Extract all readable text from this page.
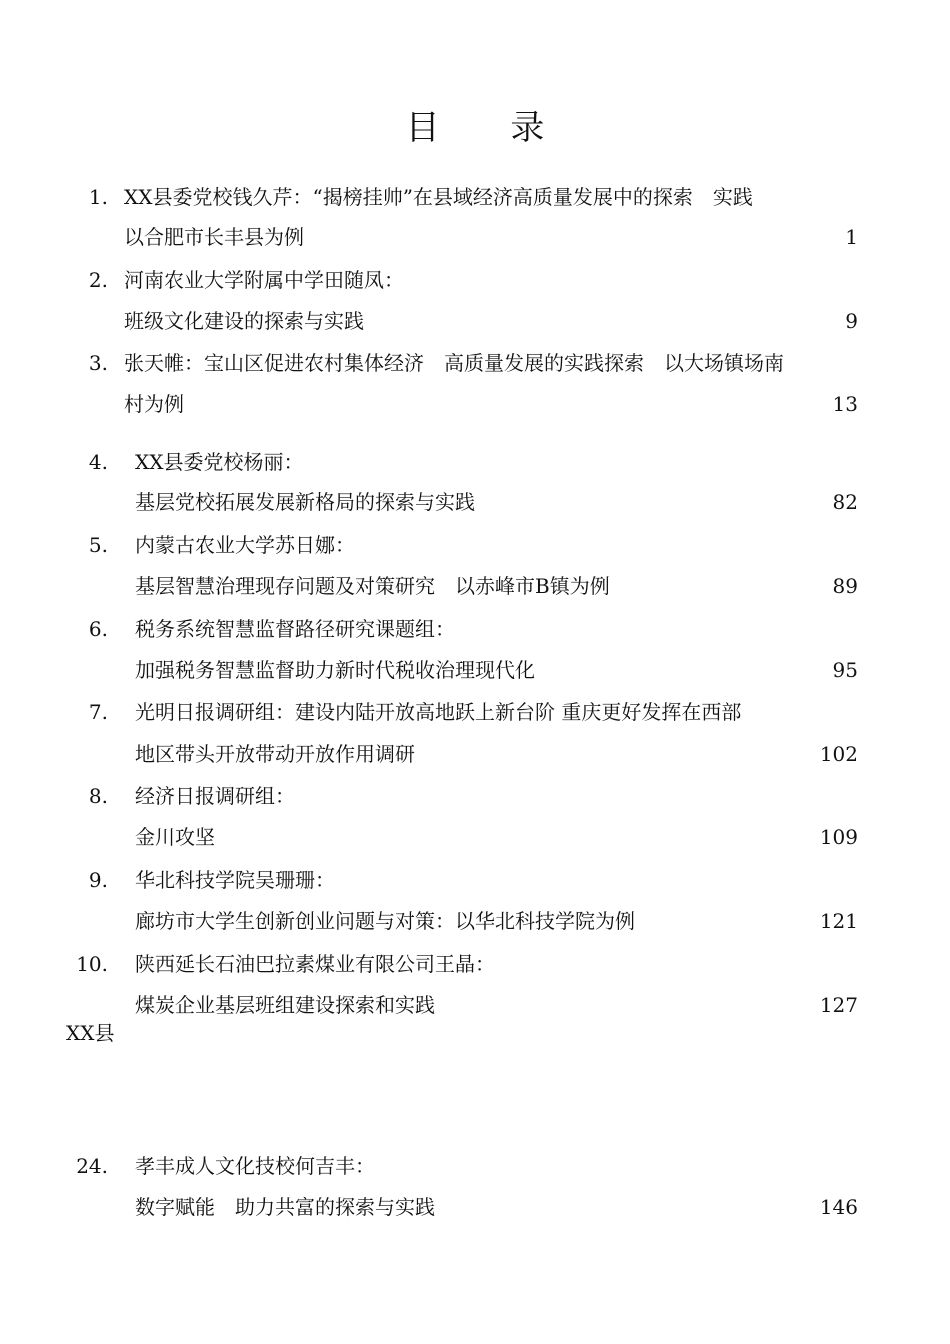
目 录
1. XX县委党校钱久芹：“揭榜挂帅”在县域经济高质量发展中的探索　实践
以合肥市长丰县为例	1
2. 河南农业大学附属中学田随凤：
班级文化建设的探索与实践	9
3. 张天帷：宝山区促进农村集体经济　高质量发展的实践探索　以大场镇场南
村为例	13
4. XX县委党校杨丽：
基层党校拓展发展新格局的探索与实践	82
5. 内蒙古农业大学苏日娜：
基层智慧治理现存问题及对策研究　以赤峰市B镇为例	89
6. 税务系统智慧监督路径研究课题组：
加强税务智慧监督助力新时代税收治理现代化	95
7. 光明日报调研组：建设内陆开放高地跃上新台阶 重庆更好发挥在西部
地区带头开放带动开放作用调研	102
8. 经济日报调研组：
金川攻坚	109
9. 华北科技学院吴珊珊：
廊坊市大学生创新创业问题与对策：以华北科技学院为例	121
10. 陕西延长石油巴拉素煤业有限公司王晶：
煤炭企业基层班组建设探索和实践	127
XX县
24. 孝丰成人文化技校何吉丰：
数字赋能　助力共富的探索与实践	146
